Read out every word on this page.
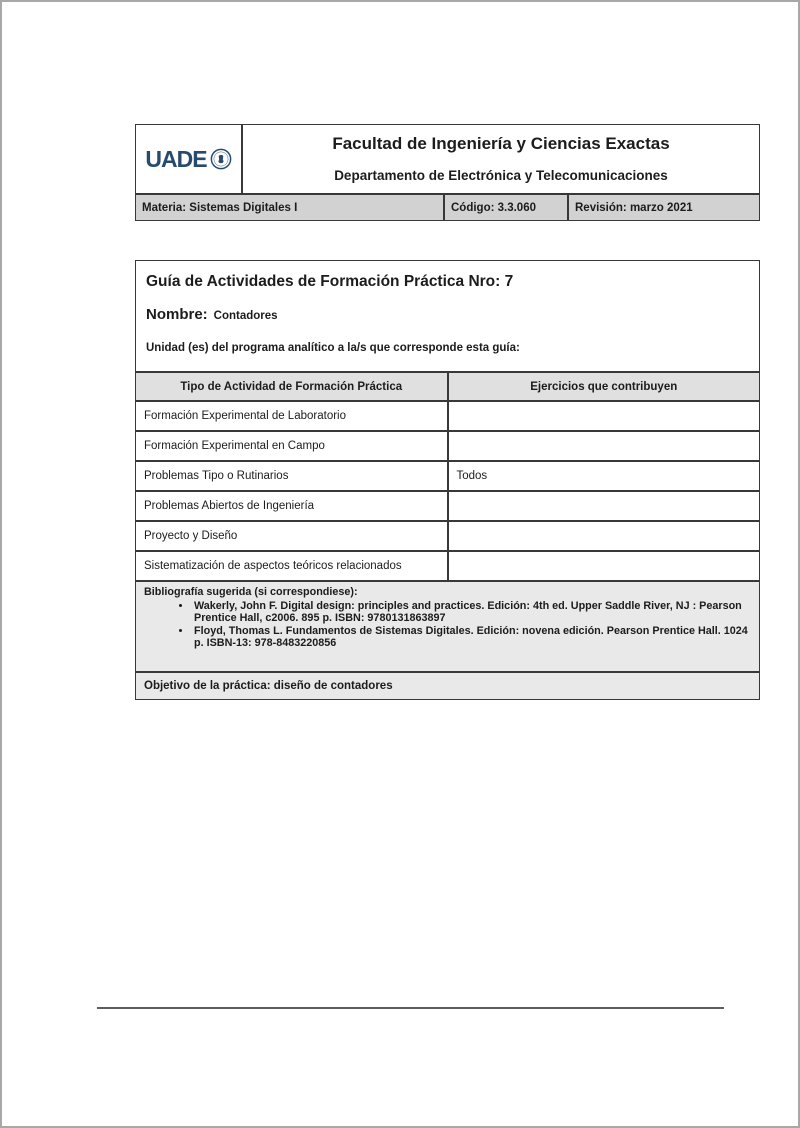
UADE

Facultad de Ingeniería y Ciencias Exactas
Departamento de Electrónica y Telecomunicaciones
Materia: Sistemas Digitales I	Código: 3.3.060	Revisión: marzo 2021

Guía de Actividades de Formación Práctica Nro: 7

Nombre: Contadores

Unidad (es) del programa analítico a la/s que corresponde esta guía:	

Tipo de Actividad de Formación Práctica	Ejercicios que contribuyen
Formación Experimental de Laboratorio	
Formación Experimental en Campo	
Problemas Tipo o Rutinarios	Todos
Problemas Abiertos de Ingeniería	
Proyecto y Diseño	
Sistematización de aspectos teóricos relacionados	

Bibliografía sugerida (si correspondiese):

• Wakerly, John F. Digital design: principles and practices. Edición: 4th ed. Upper Saddle River, NJ : Pearson Prentice Hall, c2006. 895 p. ISBN: 9780131863897
• Floyd, Thomas L. Fundamentos de Sistemas Digitales. Edición: novena edición. Pearson Prentice Hall. 1024 p. ISBN-13: 978-8483220856

Objetivo de la práctica: diseño de contadores	
